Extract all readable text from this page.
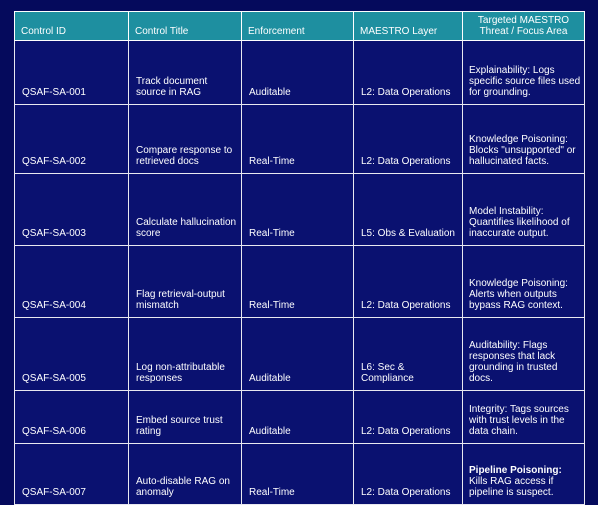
Control ID	Control Title	Enforcement	MAESTRO Layer	Targeted MAESTRO Threat / Focus Area
QSAF-SA-001	Track document source in RAG	Auditable	L2: Data Operations	Explainability: Logs specific source files used for grounding.
QSAF-SA-002	Compare response to retrieved docs	Real-Time	L2: Data Operations	Knowledge Poisoning: Blocks "unsupported" or hallucinated facts.
QSAF-SA-003	Calculate hallucination score	Real-Time	L5: Obs & Evaluation	Model Instability: Quantifies likelihood of inaccurate output.
QSAF-SA-004	Flag retrieval-output mismatch	Real-Time	L2: Data Operations	Knowledge Poisoning: Alerts when outputs bypass RAG context.
QSAF-SA-005	Log non-attributable responses	Auditable	L6: Sec & Compliance	Auditability: Flags responses that lack grounding in trusted docs.
QSAF-SA-006	Embed source trust rating	Auditable	L2: Data Operations	Integrity: Tags sources with trust levels in the data chain.
QSAF-SA-007	Auto-disable RAG on anomaly	Real-Time	L2: Data Operations	Pipeline Poisoning: Kills RAG access if pipeline is suspect.
